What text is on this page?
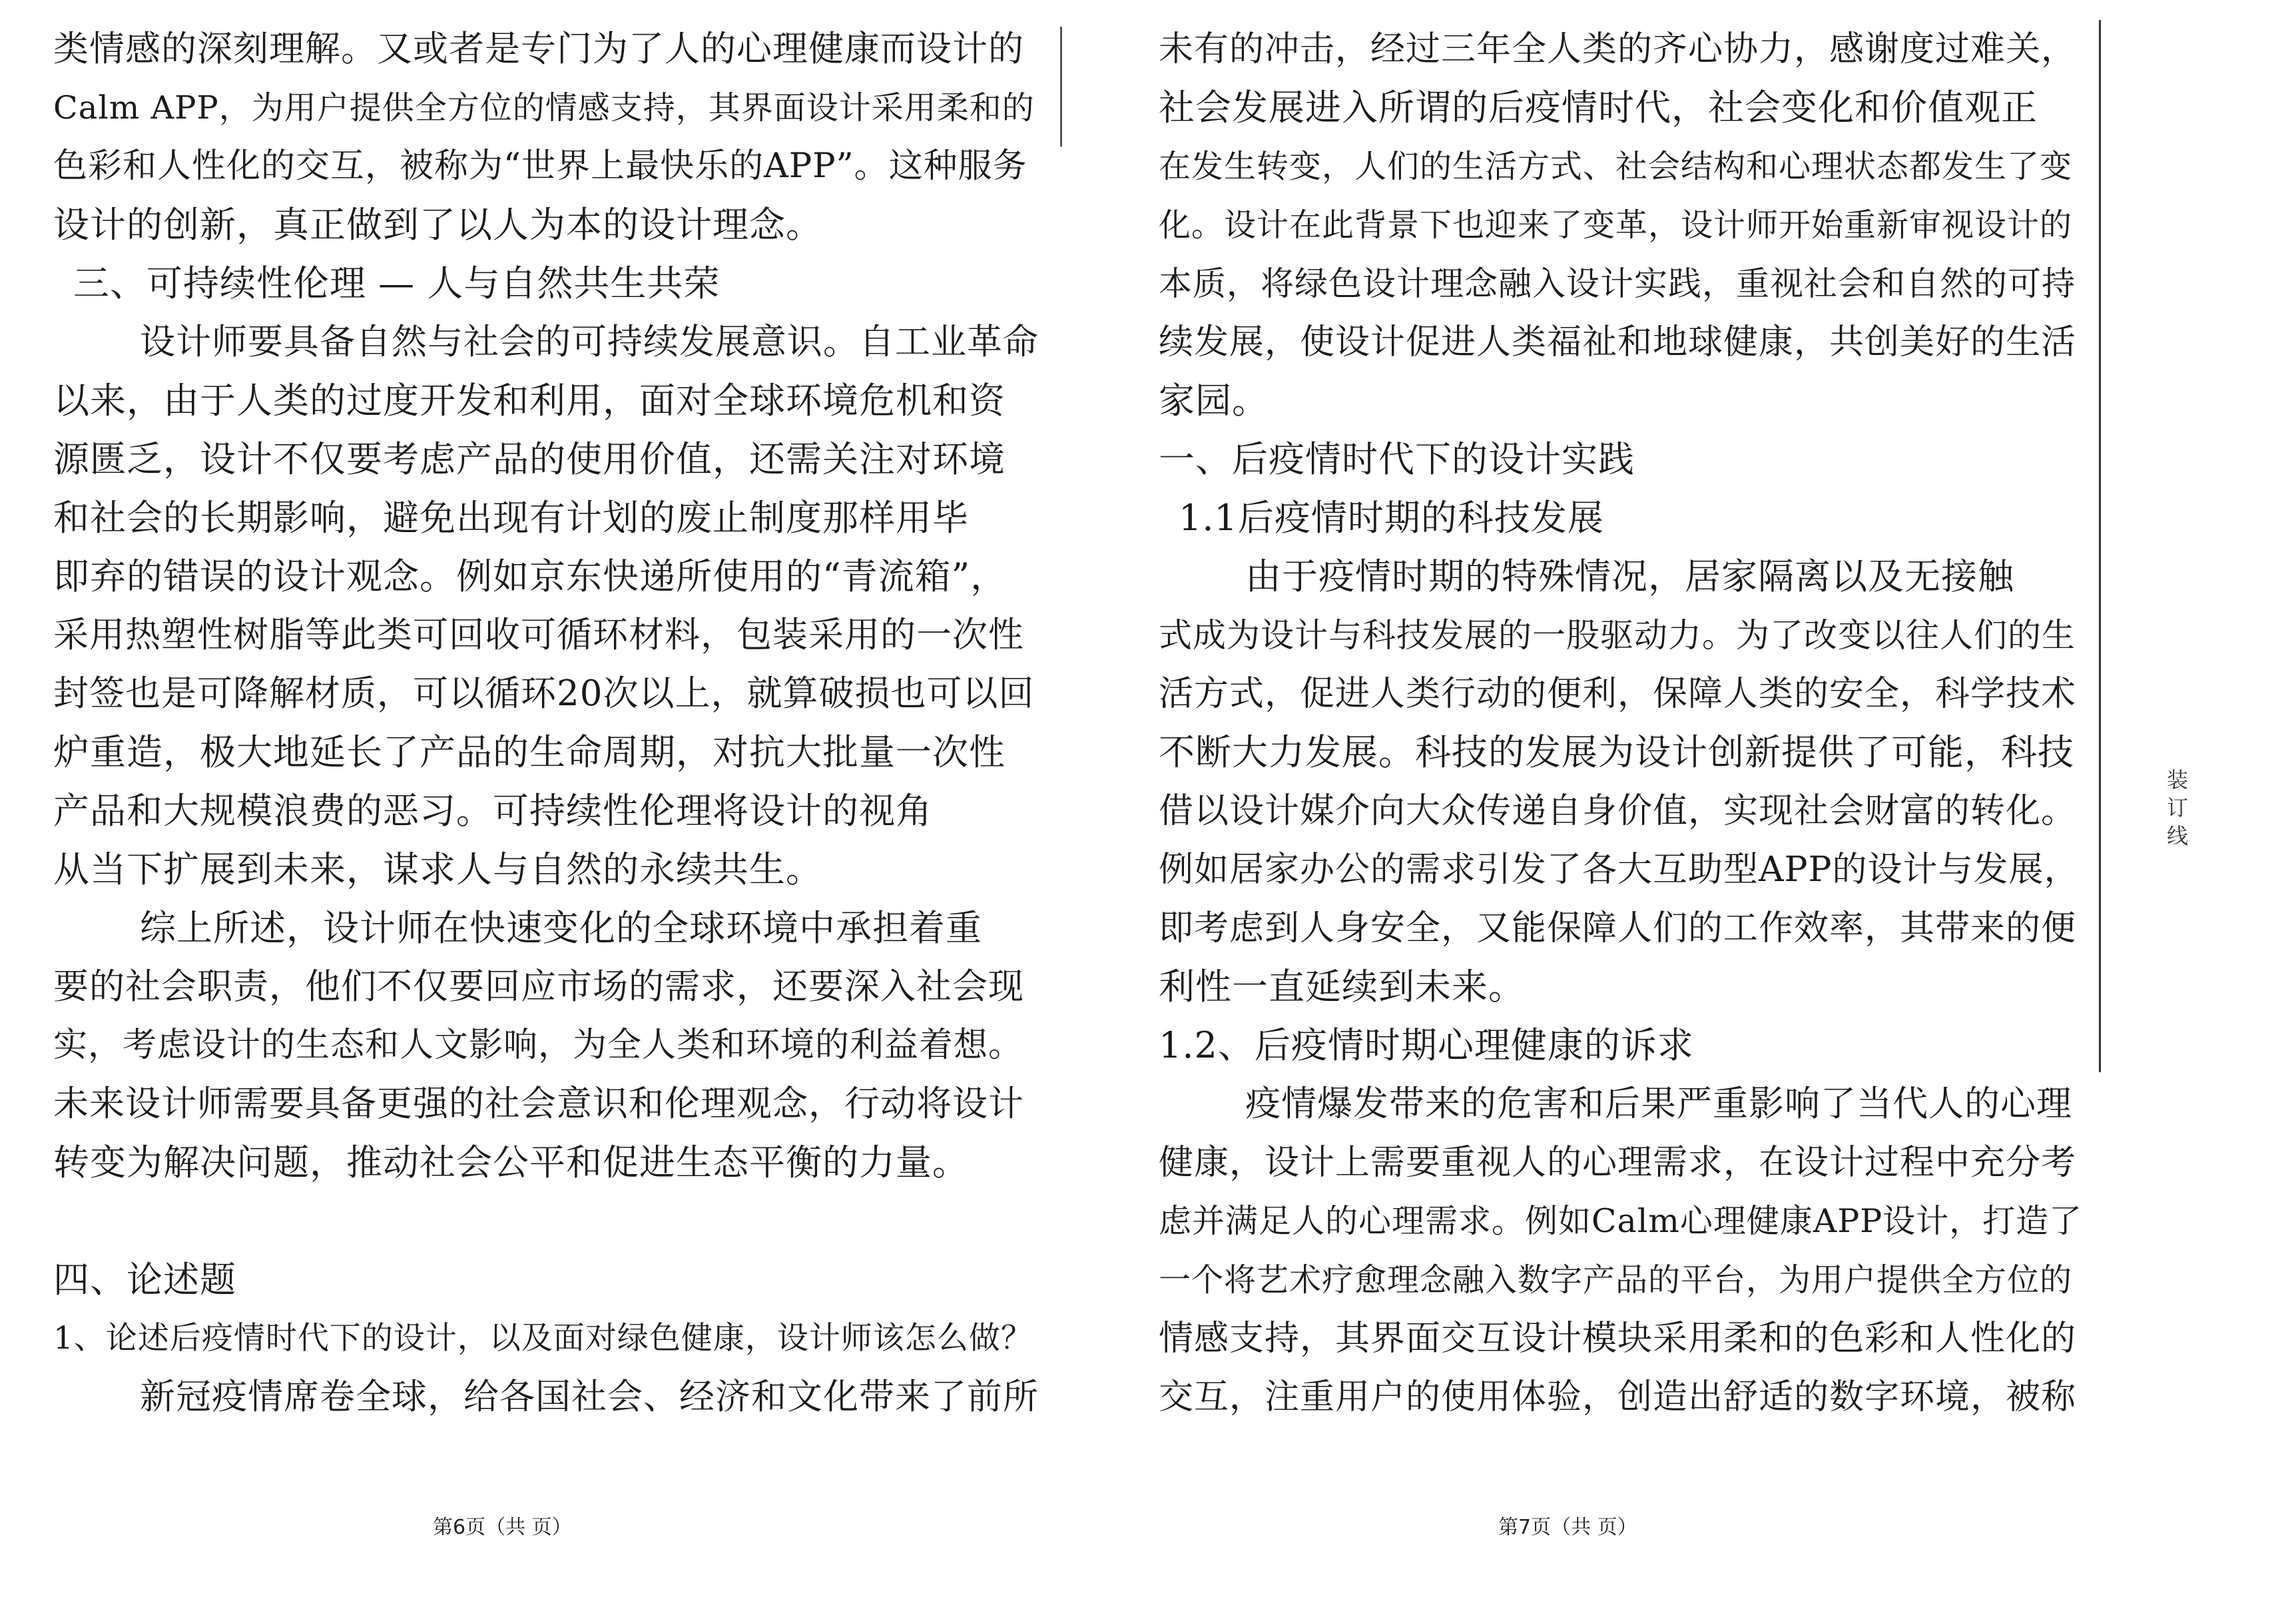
类情感的深刻理解。又或者是专门为了人的心理健康而设计的
Calm APP，为用户提供全方位的情感支持，其界面设计采用柔和的
色彩和人性化的交互，被称为“世界上最快乐的APP”。这种服务
设计的创新，真正做到了以人为本的设计理念。
三、可持续性伦理 — 人与自然共生共荣
设计师要具备自然与社会的可持续发展意识。自工业革命
以来，由于人类的过度开发和利用，面对全球环境危机和资
源匮乏，设计不仅要考虑产品的使用价值，还需关注对环境
和社会的长期影响，避免出现有计划的废止制度那样用毕
即弃的错误的设计观念。例如京东快递所使用的“青流箱”，
采用热塑性树脂等此类可回收可循环材料，包装采用的一次性
封签也是可降解材质，可以循环20次以上，就算破损也可以回
炉重造，极大地延长了产品的生命周期，对抗大批量一次性
产品和大规模浪费的恶习。可持续性伦理将设计的视角
从当下扩展到未来，谋求人与自然的永续共生。
综上所述，设计师在快速变化的全球环境中承担着重
要的社会职责，他们不仅要回应市场的需求，还要深入社会现
实，考虑设计的生态和人文影响，为全人类和环境的利益着想。
未来设计师需要具备更强的社会意识和伦理观念，行动将设计
转变为解决问题，推动社会公平和促进生态平衡的力量。
四、论述题
1、论述后疫情时代下的设计，以及面对绿色健康，设计师该怎么做？
新冠疫情席卷全球，给各国社会、经济和文化带来了前所
第6页（共 页）
未有的冲击，经过三年全人类的齐心协力，感谢度过难关，
社会发展进入所谓的后疫情时代，社会变化和价值观正
在发生转变，人们的生活方式、社会结构和心理状态都发生了变
化。设计在此背景下也迎来了变革，设计师开始重新审视设计的
本质，将绿色设计理念融入设计实践，重视社会和自然的可持
续发展，使设计促进人类福祉和地球健康，共创美好的生活
家园。
一、后疫情时代下的设计实践
1.1后疫情时期的科技发展
由于疫情时期的特殊情况，居家隔离以及无接触
式成为设计与科技发展的一股驱动力。为了改变以往人们的生
活方式，促进人类行动的便利，保障人类的安全，科学技术
不断大力发展。科技的发展为设计创新提供了可能，科技
借以设计媒介向大众传递自身价值，实现社会财富的转化。
例如居家办公的需求引发了各大互助型APP的设计与发展，
即考虑到人身安全，又能保障人们的工作效率，其带来的便
利性一直延续到未来。
1.2、后疫情时期心理健康的诉求
疫情爆发带来的危害和后果严重影响了当代人的心理
健康，设计上需要重视人的心理需求，在设计过程中充分考
虑并满足人的心理需求。例如Calm心理健康APP设计，打造了
一个将艺术疗愈理念融入数字产品的平台，为用户提供全方位的
情感支持，其界面交互设计模块采用柔和的色彩和人性化的
交互，注重用户的使用体验，创造出舒适的数字环境，被称
第7页（共 页）
装
订
线
